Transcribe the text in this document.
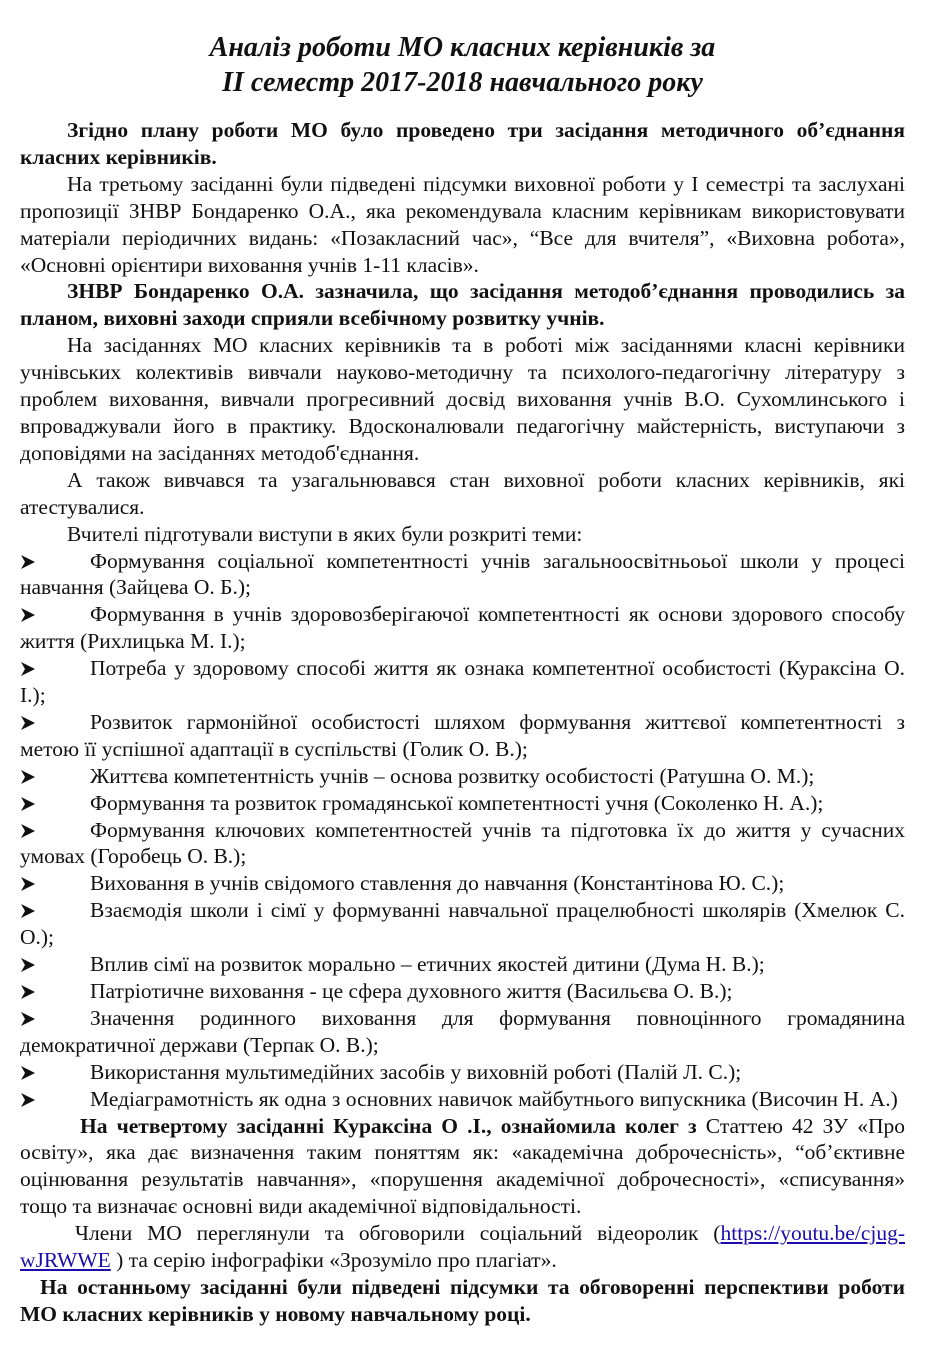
Аналіз роботи МО класних керівників за
ІІ семестр 2017-2018 навчального року

Згідно плану роботи МО було проведено три засідання методичного об’єднання класних керівників.

На третьому засіданні були підведені підсумки виховної роботи у І семестрі та заслухані пропозиції ЗНВР Бондаренко О.А., яка рекомендувала класним керівникам використовувати матеріали періодичних видань: «Позакласний час», “Все для вчителя”, «Виховна робота», «Основні орієнтири виховання учнів 1-11 класів».

ЗНВР Бондаренко О.А. зазначила, що засідання методоб’єднання проводились за планом, виховні заходи сприяли всебічному розвитку учнів.

На засіданнях МО класних керівників та в роботі між засіданнями класні керівники учнівських колективів вивчали науково-методичну та психолого-педагогічну літературу з проблем виховання, вивчали прогресивний досвід виховання учнів В.О. Сухомлинського і впроваджували його в практику. Вдосконалювали педагогічну майстерність, виступаючи з доповідями на засіданнях методоб'єднання.

А також вивчався та узагальнювався стан виховної роботи класних керівників, які атестувалися.

Вчителі підготували виступи в яких були розкриті теми:

Формування соціальної компетентності учнів загальноосвітньоьої школи у процесі навчання (Зайцева О. Б.);
Формування в учнів здоровозберігаючої компетентності як основи здорового способу життя (Рихлицька М. І.);
Потреба у здоровому способі життя як ознака компетентної особистості (Кураксіна О. І.);
Розвиток гармонійної особистості шляхом формування життєвої компетентності з метою її успішної адаптації в суспільстві (Голик О. В.);
Життєва компетентність учнів – основа розвитку особистості (Ратушна О. М.);
Формування та розвиток громадянської компетентності учня (Соколенко Н. А.);
Формування ключових компетентностей учнів та підготовка їх до життя у сучасних умовах (Горобець О. В.);
Виховання в учнів свідомого ставлення до навчання (Константінова Ю. С.);
Взаємодія школи і сімї у формуванні навчальної працелюбності школярів (Хмелюк С. О.);
Вплив сімї на розвиток морально – етичних якостей дитини (Дума Н. В.);
Патріотичне виховання - це сфера духовного життя (Васильєва О. В.);
Значення родинного виховання для формування повноцінного громадянина демократичної держави (Терпак О. В.);
Використання мультимедійних засобів у виховній роботі (Палій Л. С.);
Медіаграмотність як одна з основних навичок майбутнього випускника (Височин Н. А.)

На четвертому засіданні Кураксіна О .І., ознайомила колег з Статтею 42 ЗУ «Про освіту», яка дає визначення таким поняттям як: «академічна доброчесність», “об’єктивне оцінювання результатів навчання», «порушення академічної доброчесності», «списування» тощо та визначає основні види академічної відповідальності.

Члени МО переглянули та обговорили соціальний відеоролик (https://youtu.be/cjug-wJRWWE ) та серію інфографіки «Зрозуміло про плагіат».

На останньому засіданні були підведені підсумки та обговоренні перспективи роботи МО класних керівників у новому навчальному році.
